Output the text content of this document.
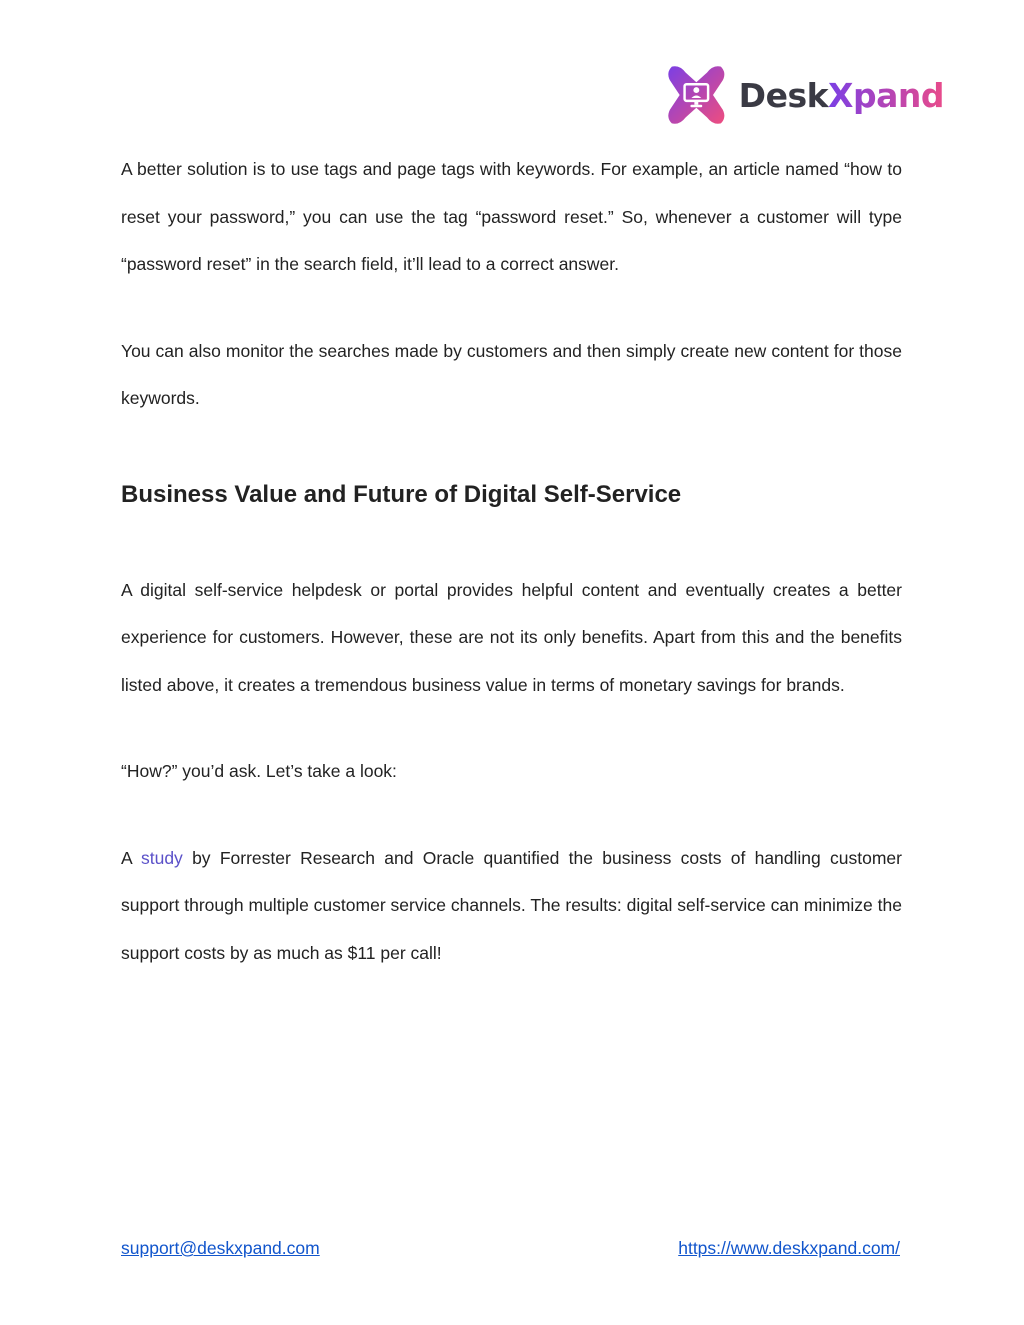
DeskXpand

A better solution is to use tags and page tags with keywords. For example, an article named “how to reset your password,” you can use the tag “password reset.” So, whenever a customer will type “password reset” in the search field, it’ll lead to a correct answer.

You can also monitor the searches made by customers and then simply create new content for those keywords.

Business Value and Future of Digital Self-Service

A digital self-service helpdesk or portal provides helpful content and eventually creates a better experience for customers. However, these are not its only benefits. Apart from this and the benefits listed above, it creates a tremendous business value in terms of monetary savings for brands.

“How?” you’d ask. Let’s take a look:

A study by Forrester Research and Oracle quantified the business costs of handling customer support through multiple customer service channels. The results: digital self-service can minimize the support costs by as much as $11 per call!

support@deskxpand.com	https://www.deskxpand.com/
